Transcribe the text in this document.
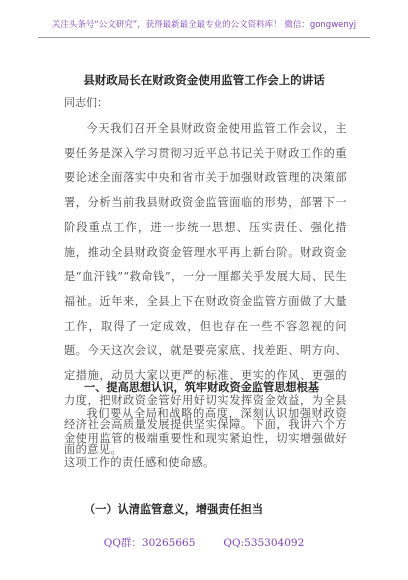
关注头条号“公文研究”，获得最新最全最专业的公文资料库！ 微信：gongwenyj
县财政局长在财政资金使用监管工作会上的讲话
同志们：

今天我们召开全县财政资金使用监管工作会议，主要任务是深入学习贯彻习近平总书记关于财政工作的重要论述全面落实中央和省市关于加强财政管理的决策部署，分析当前我县财政资金监管面临的形势，部署下一阶段重点工作，进一步统一思想、压实责任、强化措施，推动全县财政资金管理水平再上新台阶。财政资金是“血汗钱”“救命钱”，一分一厘都关乎发展大局、民生福祉。近年来，全县上下在财政资金监管方面做了大量工作，取得了一定成效，但也存在一些不容忽视的问题。今天这次会议，就是要亮家底、找差距、明方向、定措施，动员大家以更严的标准、更实的作风、更强的力度，把财政资金管好用好切实发挥资金效益，为全县经济社会高质量发展提供坚实保障。下面，我讲六个方面的意见。

一、提高思想认识，筑牢财政资金监管思想根基

我们要从全局和战略的高度，深刻认识加强财政资金使用监管的极端重要性和现实紧迫性，切实增强做好这项工作的责任感和使命感。

（一）认清监管意义，增强责任担当
QQ群：30265665	QQ:535304092
